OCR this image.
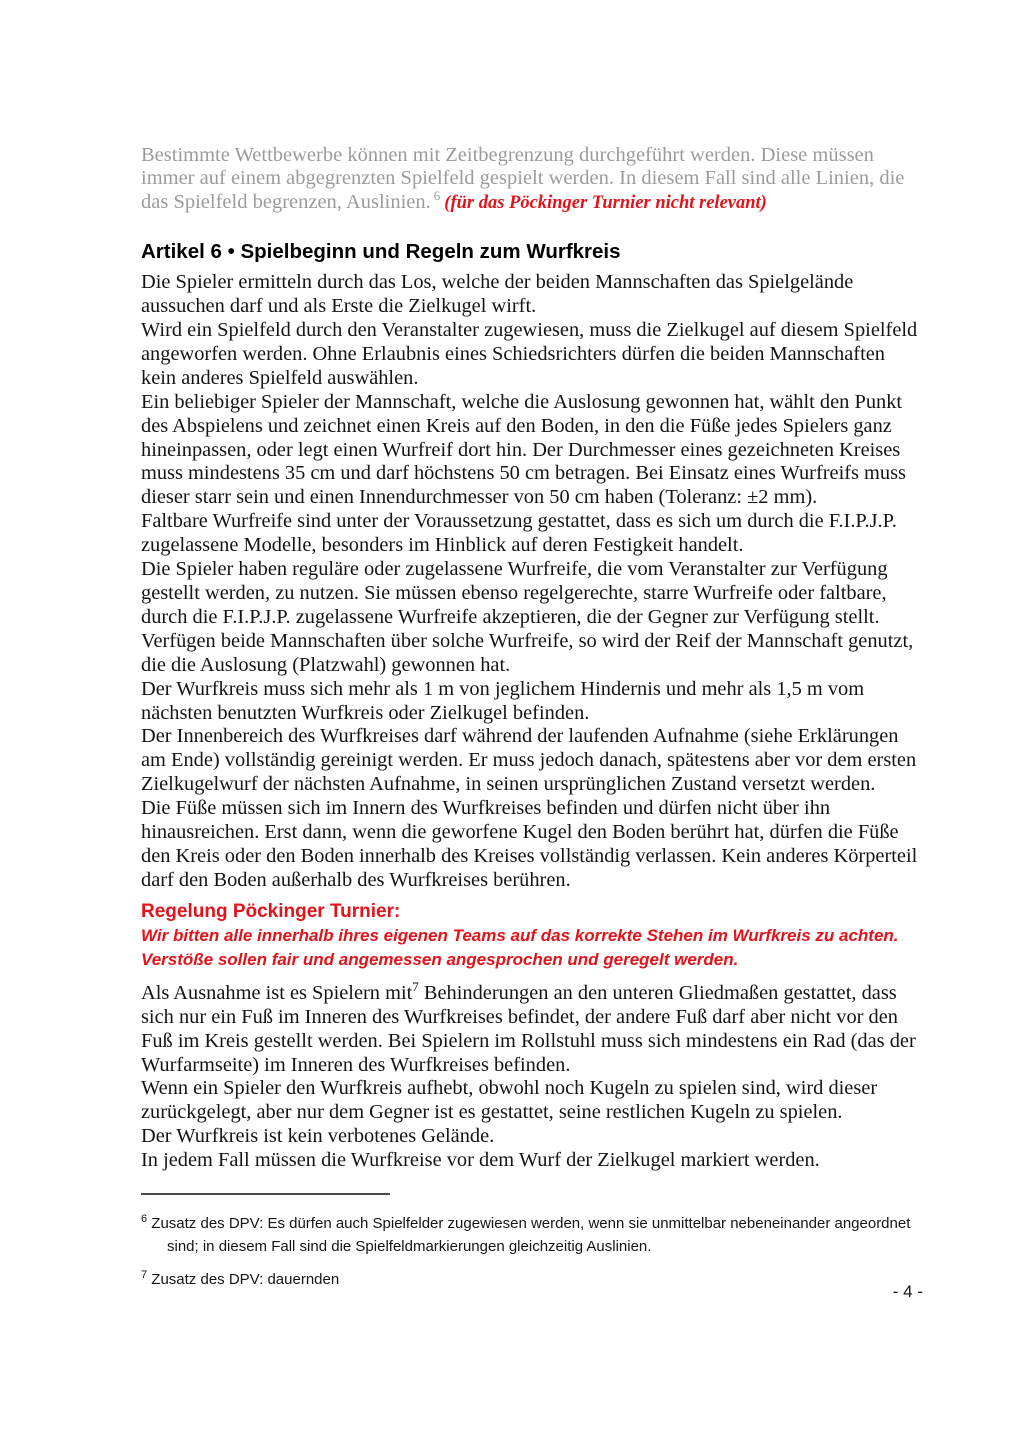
Bestimmte Wettbewerbe können mit Zeitbegrenzung durchgeführt werden. Diese müssen immer auf einem abgegrenzten Spielfeld gespielt werden. In diesem Fall sind alle Linien, die das Spielfeld begrenzen, Auslinien. $^6$ (für das Pöckinger Turnier nicht relevant)

Artikel 6 • Spielbeginn und Regeln zum Wurfkreis

Die Spieler ermitteln durch das Los, welche der beiden Mannschaften das Spielgelände aussuchen darf und als Erste die Zielkugel wirft.

Wird ein Spielfeld durch den Veranstalter zugewiesen, muss die Zielkugel auf diesem Spielfeld angeworfen werden. Ohne Erlaubnis eines Schiedsrichters dürfen die beiden Mannschaften kein anderes Spielfeld auswählen.

Ein beliebiger Spieler der Mannschaft, welche die Auslosung gewonnen hat, wählt den Punkt des Abspielens und zeichnet einen Kreis auf den Boden, in den die Füße jedes Spielers ganz hineinpassen, oder legt einen Wurfreif dort hin. Der Durchmesser eines gezeichneten Kreises muss mindestens 35 cm und darf höchstens 50 cm betragen. Bei Einsatz eines Wurfreifs muss dieser starr sein und einen Innendurchmesser von 50 cm haben (Toleranz: ±2 mm).

Faltbare Wurfreife sind unter der Voraussetzung gestattet, dass es sich um durch die F.I.P.J.P. zugelassene Modelle, besonders im Hinblick auf deren Festigkeit handelt.

Die Spieler haben reguläre oder zugelassene Wurfreife, die vom Veranstalter zur Verfügung gestellt werden, zu nutzen. Sie müssen ebenso regelgerechte, starre Wurfreife oder faltbare, durch die F.I.P.J.P. zugelassene Wurfreife akzeptieren, die der Gegner zur Verfügung stellt. Verfügen beide Mannschaften über solche Wurfreife, so wird der Reif der Mannschaft genutzt, die die Auslosung (Platzwahl) gewonnen hat.

Der Wurfkreis muss sich mehr als 1 m von jeglichem Hindernis und mehr als 1,5 m vom nächsten benutzten Wurfkreis oder Zielkugel befinden.

Der Innenbereich des Wurfkreises darf während der laufenden Aufnahme (siehe Erklärungen am Ende) vollständig gereinigt werden. Er muss jedoch danach, spätestens aber vor dem ersten Zielkugelwurf der nächsten Aufnahme, in seinen ursprünglichen Zustand versetzt werden.

Die Füße müssen sich im Innern des Wurfkreises befinden und dürfen nicht über ihn hinausreichen. Erst dann, wenn die geworfene Kugel den Boden berührt hat, dürfen die Füße den Kreis oder den Boden innerhalb des Kreises vollständig verlassen. Kein anderes Körperteil darf den Boden außerhalb des Wurfkreises berühren.

Regelung Pöckinger Turnier:

Wir bitten alle innerhalb ihres eigenen Teams auf das korrekte Stehen im Wurfkreis zu achten. Verstöße sollen fair und angemessen angesprochen und geregelt werden.

Als Ausnahme ist es Spielern mit$^7$ Behinderungen an den unteren Gliedmaßen gestattet, dass sich nur ein Fuß im Inneren des Wurfkreises befindet, der andere Fuß darf aber nicht vor den Fuß im Kreis gestellt werden. Bei Spielern im Rollstuhl muss sich mindestens ein Rad (das der Wurfarmseite) im Inneren des Wurfkreises befinden.

Wenn ein Spieler den Wurfkreis aufhebt, obwohl noch Kugeln zu spielen sind, wird dieser zurückgelegt, aber nur dem Gegner ist es gestattet, seine restlichen Kugeln zu spielen.

Der Wurfkreis ist kein verbotenes Gelände.

In jedem Fall müssen die Wurfkreise vor dem Wurf der Zielkugel markiert werden.

$^6$ Zusatz des DPV: Es dürfen auch Spielfelder zugewiesen werden, wenn sie unmittelbar nebeneinander angeordnet sind; in diesem Fall sind die Spielfeldmarkierungen gleichzeitig Auslinien.

$^7$ Zusatz des DPV: dauernden

- 4 -
